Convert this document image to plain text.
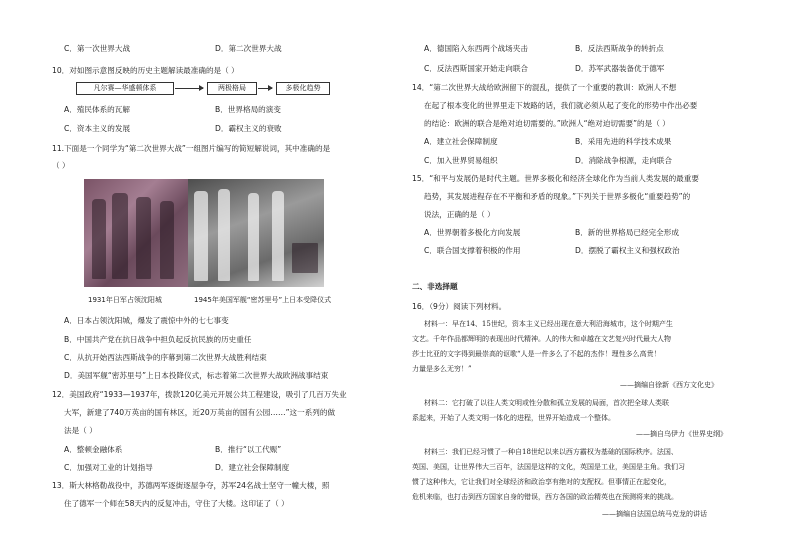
C．第一次世界大战	D．第二次世界大战
10．对如图示意图反映的历史主题解读最准确的是（ ）
凡尔赛—华盛顿体系	两极格局	多极化趋势
A．殖民体系的瓦解	B．世界格局的演变
C．资本主义的发展	D．霸权主义的衰败
11.下面是一个同学为“第二次世界大战”一组图片编写的简短解说词，其中准确的是
（ ）
1931年日军占领沈阳城	1945年美国军舰“密苏里号”上日本受降仪式
A．日本占领沈阳城，爆发了震惊中外的七七事变
B．中国共产党在抗日战争中担负起反抗民族的历史重任
C．从抗开始西法西斯战争的序幕到第二次世界大战胜利结束
D．美国军舰“密苏里号”上日本投降仪式，标志着第二次世界大战欧洲战事结束
12．美国政府“1933—1937年，拨款120亿美元开展公共工程建设，吸引了几百万失业
大军，新建了740万英亩的国有林区，近20万英亩的国有公园……”这一系列的做
法是（ ）
A．整顿金融体系	B．推行“以工代赈”
C．加强对工业的计划指导	D．建立社会保障制度
13．斯大林格勒战役中，苏德两军逐街逐屋争夺，苏军24名战士坚守一幢大楼，照
住了德军一个师在58天内的反复冲击，守住了大楼。这印证了（ ）
A．德国陷入东西两个战场夹击	B．反法西斯战争的转折点
C．反法西斯国家开始走向联合	D．苏军武器装备优于德军
14．“第二次世界大战给欧洲留下的混乱，提供了一个重要的教训：欧洲人不想
在起了根本变化的世界里走下坡路的话，我们就必须从起了变化的形势中作出必要
的结论：欧洲的联合是绝对迫切需要的。”欧洲人“绝对迫切需要”的是（ ）
A．建立社会保障制度	B．采用先进的科学技术成果
C．加入世界贸易组织	D．消除战争根源，走向联合
15．“和平与发展仍是时代主题。世界多极化和经济全球化作为当前人类发展的最重要
趋势，其发展进程存在不平衡和矛盾的现象。”下列关于世界多极化“重要趋势”的
说法，正确的是（ ）
A．世界朝着多极化方向发展	B．新的世界格局已经完全形成
C．联合国支撑着积极的作用	D．摆脱了霸权主义和强权政治
二、非选择题
16．（9分）阅读下列材料。
材料一：早在14、15世纪，资本主义已经出现在意大利沿海城市，这个时期产生
文艺。千年作品都辉明的表现出时代精神。人的伟大和卓越在文艺复兴时代最大人物
莎士比亚的文字得到最崇高的讴歌“人是一件多么了不起的杰作！理性多么高贵！
力量是多么无穷！”
——摘编自徐新《西方文化史》
材料二：它打破了以往人类文明或性分散和孤立发展的局面，首次把全球人类联
系起来，开始了人类文明一体化的进程，世界开始造成一个整体。
——摘自乌伊力《世界史纲》
材料三：我们已经习惯了一种自18世纪以来以西方霸权为基础的国际秩序。法国、
英国、美国，让世界伟大三百年，法国是这样的文化，英国是工业，美国是主角。我们习
惯了这种伟大，它让我们对全球经济和政治享有绝对的支配权。但事情正在起变化，
危机来临，也打击到西方国家自身的错误，西方各国的政治精英也在预测将来的挑战。
——摘编自法国总统马克龙的讲话
